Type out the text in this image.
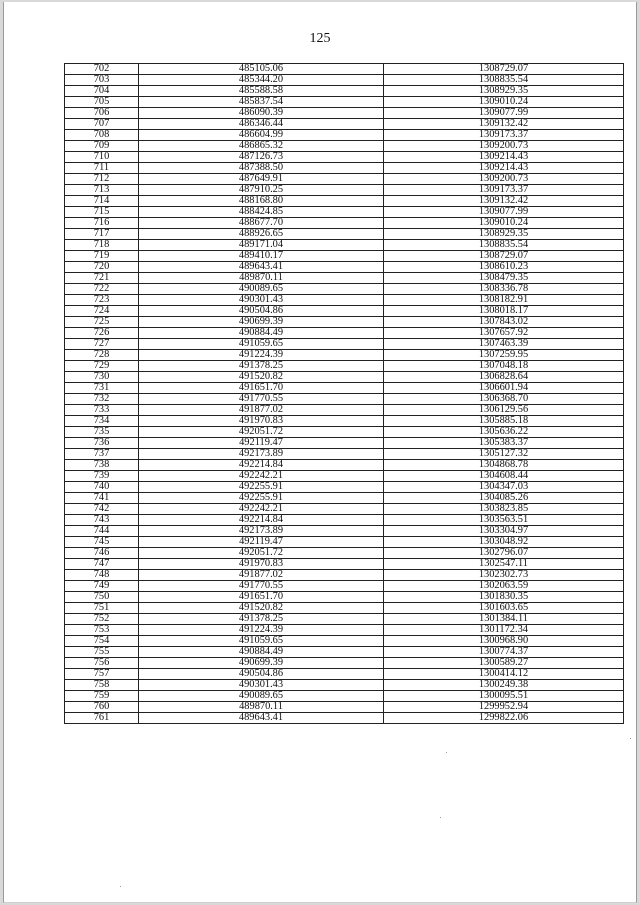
125
702	485105.06	1308729.07
703	485344.20	1308835.54
704	485588.58	1308929.35
705	485837.54	1309010.24
706	486090.39	1309077.99
707	486346.44	1309132.42
708	486604.99	1309173.37
709	486865.32	1309200.73
710	487126.73	1309214.43
711	487388.50	1309214.43
712	487649.91	1309200.73
713	487910.25	1309173.37
714	488168.80	1309132.42
715	488424.85	1309077.99
716	488677.70	1309010.24
717	488926.65	1308929.35
718	489171.04	1308835.54
719	489410.17	1308729.07
720	489643.41	1308610.23
721	489870.11	1308479.35
722	490089.65	1308336.78
723	490301.43	1308182.91
724	490504.86	1308018.17
725	490699.39	1307843.02
726	490884.49	1307657.92
727	491059.65	1307463.39
728	491224.39	1307259.95
729	491378.25	1307048.18
730	491520.82	1306828.64
731	491651.70	1306601.94
732	491770.55	1306368.70
733	491877.02	1306129.56
734	491970.83	1305885.18
735	492051.72	1305636.22
736	492119.47	1305383.37
737	492173.89	1305127.32
738	492214.84	1304868.78
739	492242.21	1304608.44
740	492255.91	1304347.03
741	492255.91	1304085.26
742	492242.21	1303823.85
743	492214.84	1303563.51
744	492173.89	1303304.97
745	492119.47	1303048.92
746	492051.72	1302796.07
747	491970.83	1302547.11
748	491877.02	1302302.73
749	491770.55	1302063.59
750	491651.70	1301830.35
751	491520.82	1301603.65
752	491378.25	1301384.11
753	491224.39	1301172.34
754	491059.65	1300968.90
755	490884.49	1300774.37
756	490699.39	1300589.27
757	490504.86	1300414.12
758	490301.43	1300249.38
759	490089.65	1300095.51
760	489870.11	1299952.94
761	489643.41	1299822.06
